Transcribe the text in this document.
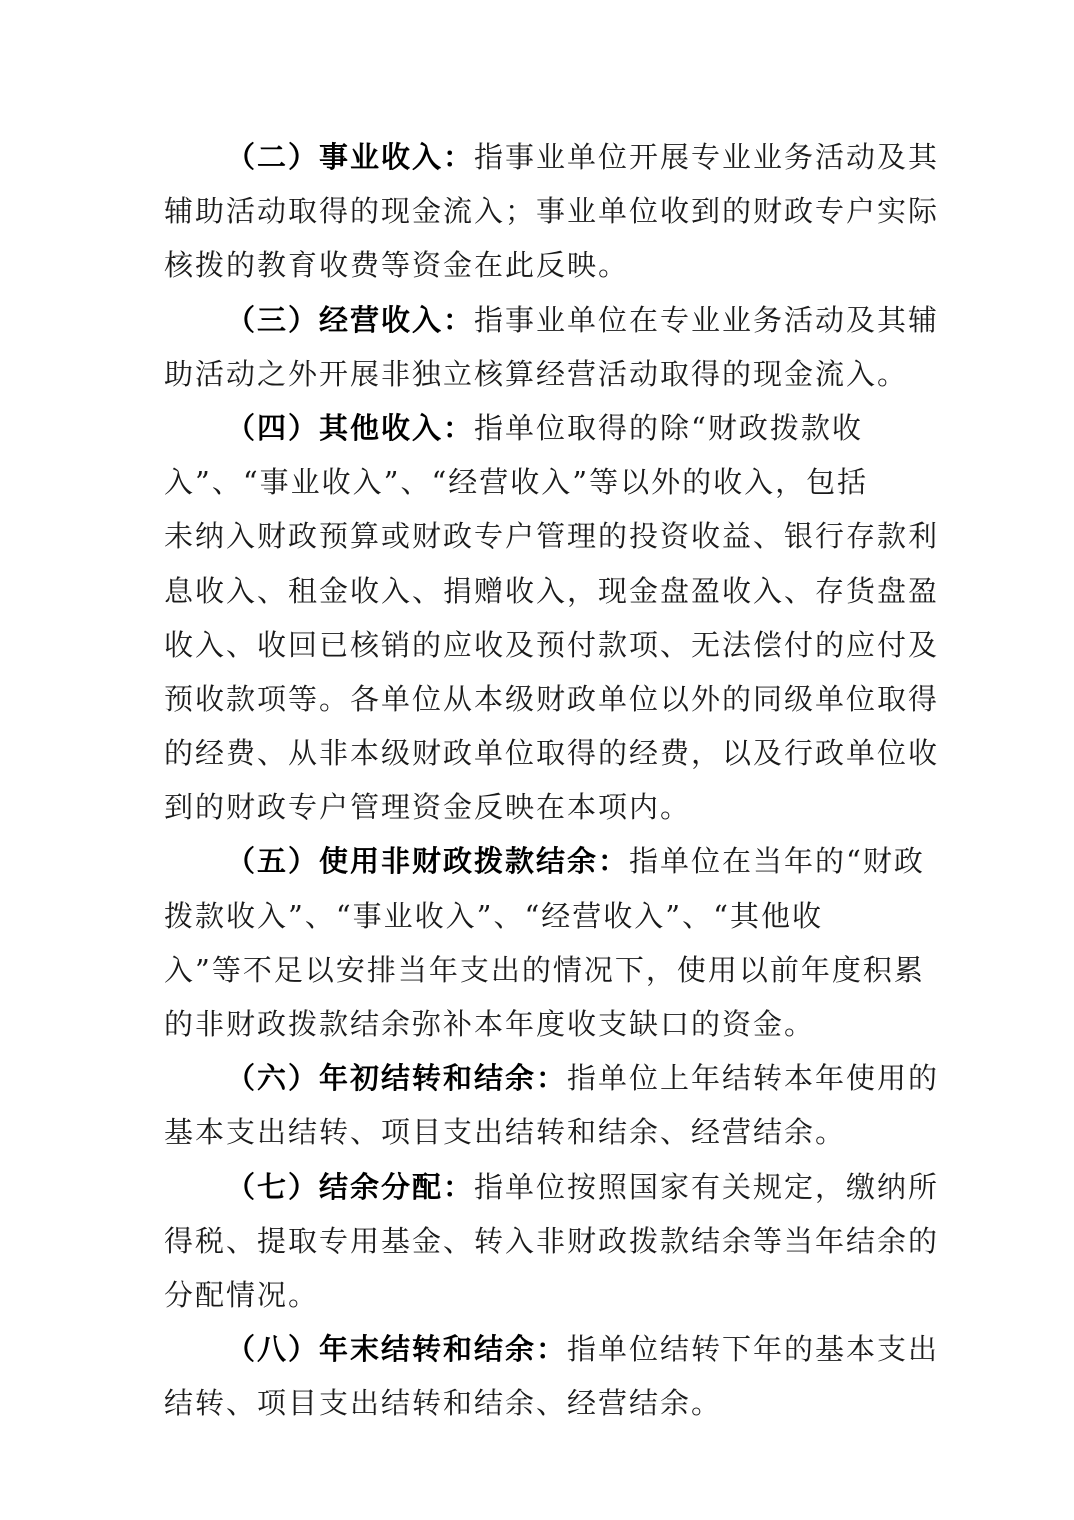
（二）事业收入：指事业单位开展专业业务活动及其
辅助活动取得的现金流入；事业单位收到的财政专户实际
核拨的教育收费等资金在此反映。
（三）经营收入：指事业单位在专业业务活动及其辅
助活动之外开展非独立核算经营活动取得的现金流入。
（四）其他收入：指单位取得的除“财政拨款收
入”、“事业收入”、“经营收入”等以外的收入，包括
未纳入财政预算或财政专户管理的投资收益、银行存款利
息收入、租金收入、捐赠收入，现金盘盈收入、存货盘盈
收入、收回已核销的应收及预付款项、无法偿付的应付及
预收款项等。各单位从本级财政单位以外的同级单位取得
的经费、从非本级财政单位取得的经费，以及行政单位收
到的财政专户管理资金反映在本项内。
（五）使用非财政拨款结余：指单位在当年的“财政
拨款收入”、“事业收入”、“经营收入”、“其他收
入”等不足以安排当年支出的情况下，使用以前年度积累
的非财政拨款结余弥补本年度收支缺口的资金。
（六）年初结转和结余：指单位上年结转本年使用的
基本支出结转、项目支出结转和结余、经营结余。
（七）结余分配：指单位按照国家有关规定，缴纳所
得税、提取专用基金、转入非财政拨款结余等当年结余的
分配情况。
（八）年末结转和结余：指单位结转下年的基本支出
结转、项目支出结转和结余、经营结余。
